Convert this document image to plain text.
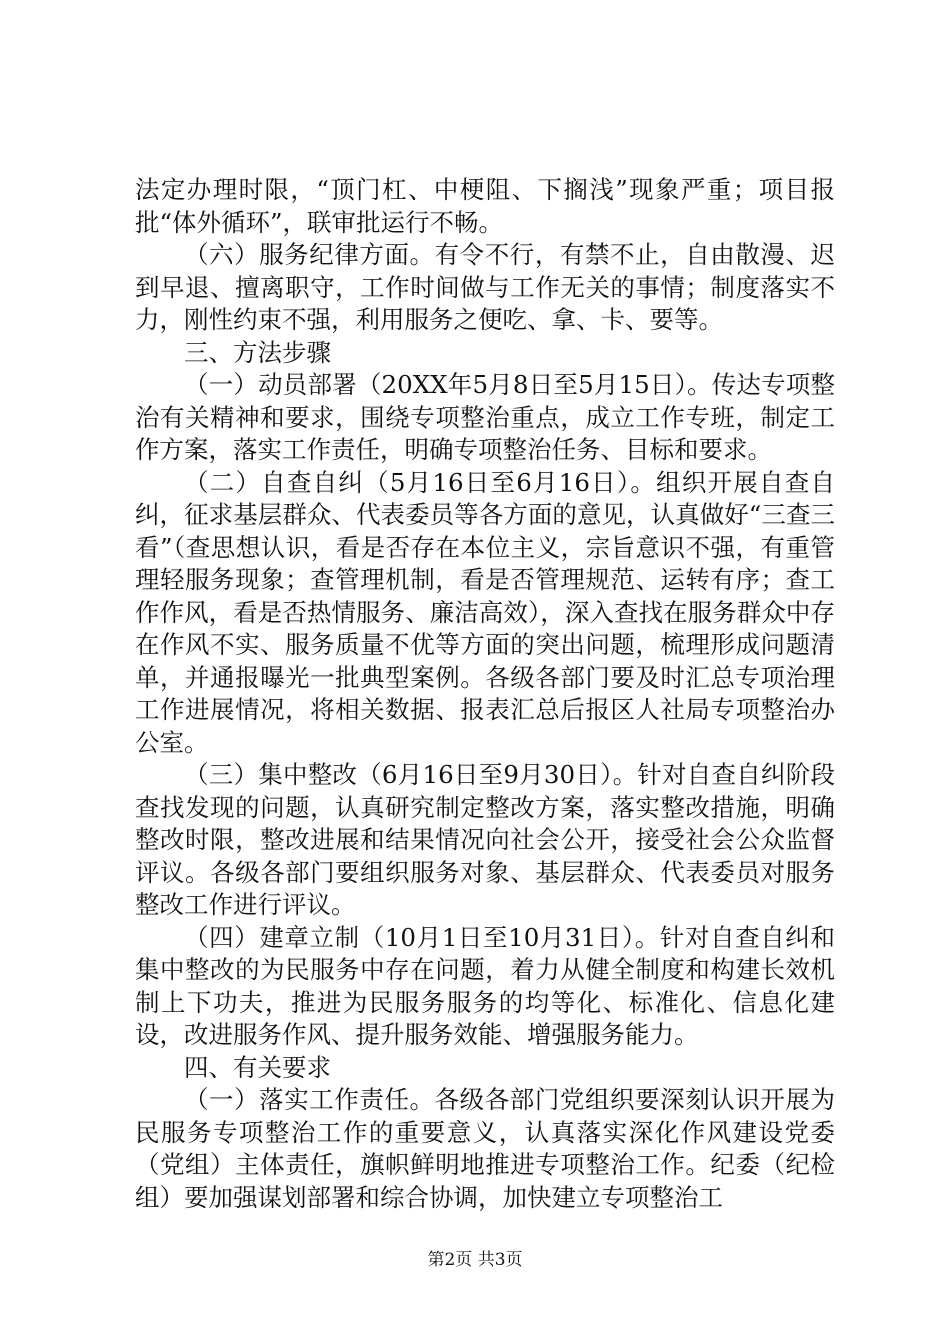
法定办理时限，“顶门杠、中梗阻、下搁浅”现象严重；项目报批“体外循环”，联审批运行不畅。

（六）服务纪律方面。有令不行，有禁不止，自由散漫、迟到早退、擅离职守，工作时间做与工作无关的事情；制度落实不力，刚性约束不强，利用服务之便吃、拿、卡、要等。

三、方法步骤

（一）动员部署（20XX年5月8日至5月15日）。传达专项整治有关精神和要求，围绕专项整治重点，成立工作专班，制定工作方案，落实工作责任，明确专项整治任务、目标和要求。

（二）自查自纠（5月16日至6月16日）。组织开展自查自纠，征求基层群众、代表委员等各方面的意见，认真做好“三查三看”（查思想认识，看是否存在本位主义，宗旨意识不强，有重管理轻服务现象；查管理机制，看是否管理规范、运转有序；查工作作风，看是否热情服务、廉洁高效），深入查找在服务群众中存在作风不实、服务质量不优等方面的突出问题，梳理形成问题清单，并通报曝光一批典型案例。各级各部门要及时汇总专项治理工作进展情况，将相关数据、报表汇总后报区人社局专项整治办公室。

（三）集中整改（6月16日至9月30日）。针对自查自纠阶段查找发现的问题，认真研究制定整改方案，落实整改措施，明确整改时限，整改进展和结果情况向社会公开，接受社会公众监督评议。各级各部门要组织服务对象、基层群众、代表委员对服务整改工作进行评议。

（四）建章立制（10月1日至10月31日）。针对自查自纠和集中整改的为民服务中存在问题，着力从健全制度和构建长效机制上下功夫，推进为民服务服务的均等化、标准化、信息化建设，改进服务作风、提升服务效能、增强服务能力。

四、有关要求

（一）落实工作责任。各级各部门党组织要深刻认识开展为民服务专项整治工作的重要意义，认真落实深化作风建设党委（党组）主体责任，旗帜鲜明地推进专项整治工作。纪委（纪检组）要加强谋划部署和综合协调，加快建立专项整治工

第2页 共3页
